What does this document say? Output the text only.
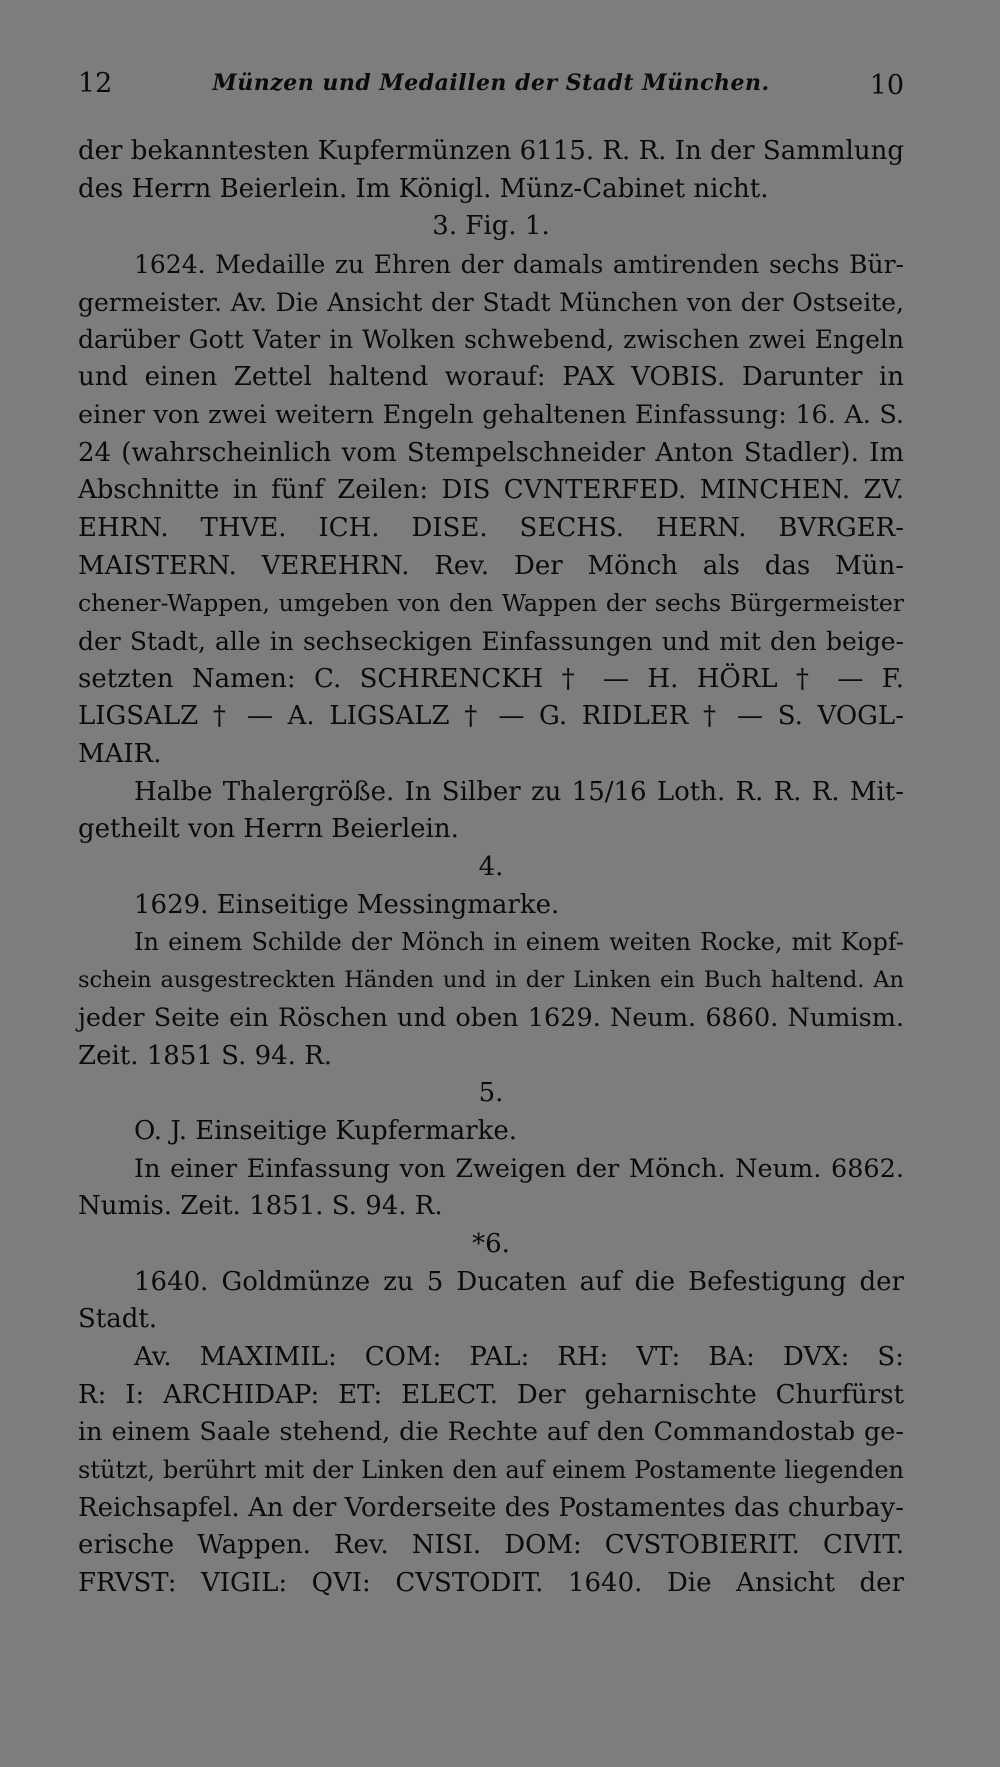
12	Münzen und Medaillen der Stadt München.	10
der bekanntesten Kupfermünzen 6115. R. R. In der Sammlung
des Herrn Beierlein. Im Königl. Münz-Cabinet nicht.
3. Fig. 1.
1624. Medaille zu Ehren der damals amtirenden sechs Bür-
germeister. Av. Die Ansicht der Stadt München von der Ostseite,
darüber Gott Vater in Wolken schwebend, zwischen zwei Engeln
und einen Zettel haltend worauf: PAX VOBIS. Darunter in
einer von zwei weitern Engeln gehaltenen Einfassung: 16. A. S.
24 (wahrscheinlich vom Stempelschneider Anton Stadler). Im
Abschnitte in fünf Zeilen: DIS CVNTERFED. MINCHEN. ZV.
EHRN. THVE. ICH. DISE. SECHS. HERN. BVRGER-
MAISTERN. VEREHRN. Rev. Der Mönch als das Mün-
chener-Wappen, umgeben von den Wappen der sechs Bürgermeister
der Stadt, alle in sechseckigen Einfassungen und mit den beige-
setzten Namen: C. SCHRENCKH † — H. HÖRL † — F.
LIGSALZ † — A. LIGSALZ † — G. RIDLER † — S. VOGL-
MAIR.
Halbe Thalergröße. In Silber zu 15/16 Loth. R. R. R. Mit-
getheilt von Herrn Beierlein.
4.
1629. Einseitige Messingmarke.
In einem Schilde der Mönch in einem weiten Rocke, mit Kopf-
schein ausgestreckten Händen und in der Linken ein Buch haltend. An
jeder Seite ein Röschen und oben 1629. Neum. 6860. Numism.
Zeit. 1851 S. 94. R.
5.
O. J. Einseitige Kupfermarke.
In einer Einfassung von Zweigen der Mönch. Neum. 6862.
Numis. Zeit. 1851. S. 94. R.
*6.
1640. Goldmünze zu 5 Ducaten auf die Befestigung der
Stadt.
Av. MAXIMIL: COM: PAL: RH: VT: BA: DVX: S:
R: I: ARCHIDAP: ET: ELECT. Der geharnischte Churfürst
in einem Saale stehend, die Rechte auf den Commandostab ge-
stützt, berührt mit der Linken den auf einem Postamente liegenden
Reichsapfel. An der Vorderseite des Postamentes das churbay-
erische Wappen. Rev. NISI. DOM: CVSTOBIERIT. CIVIT.
FRVST: VIGIL: QVI: CVSTODIT. 1640. Die Ansicht der
